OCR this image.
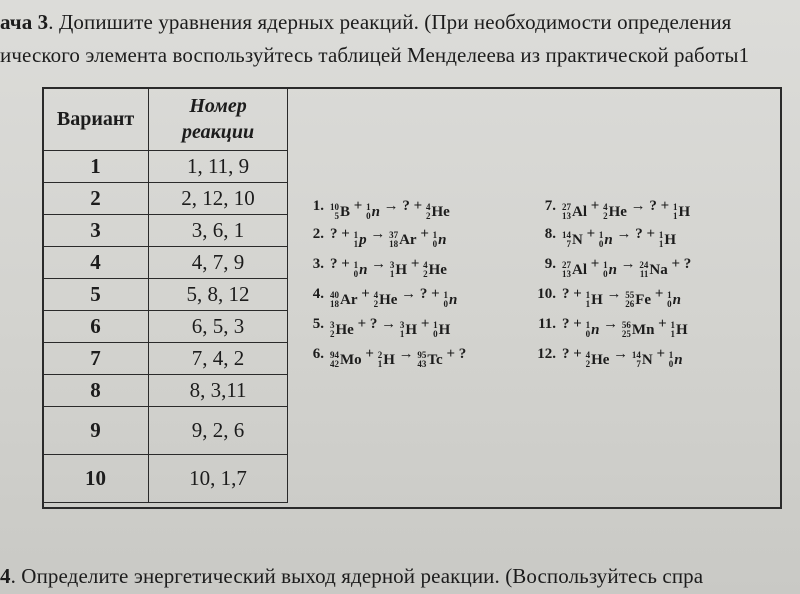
ача 3. Допишите уравнения ядерных реакций. (При необходимости определения
ического элемента воспользуйтесь таблицей Менделеева из практической работы1
Вариант	Номер
реакции
1	1, 11, 9
2	2, 12, 10
3	3, 6, 1
4	4, 7, 9
5	5, 8, 12
6	6, 5, 3
7	7, 4, 2
8	8, 3,11
9	9, 2, 6
10	10, 1,7
1. 10
5 B + 1
0 n → ? + 4
2 He
2. ? + 1
1 p → 37
18 Ar + 1
0 n
3. ? + 1
0 n → 3
1 H + 4
2 He
4. 40
18 Ar + 4
2 He → ? + 1
0 n
5. 3
2 He + ? → 3
1 H + 1
0 H
6. 94
42 Mo + 2
1 H → 95
43 Tc + ?
7. 27
13 Al + 4
2 He → ? + 1
1 H
8. 14
7 N + 1
0 n → ? + 1
1 H
9. 27
13 Al + 1
0 n → 24
11 Na + ?
10. ? + 1
1 H → 55
26 Fe + 1
0 n
11. ? + 1
0 n → 56
25 Mn + 1
1 H
12. ? + 4
2 He → 14
7 N + 1
0 n
4. Определите энергетический выход ядерной реакции. (Воспользуйтесь спра
